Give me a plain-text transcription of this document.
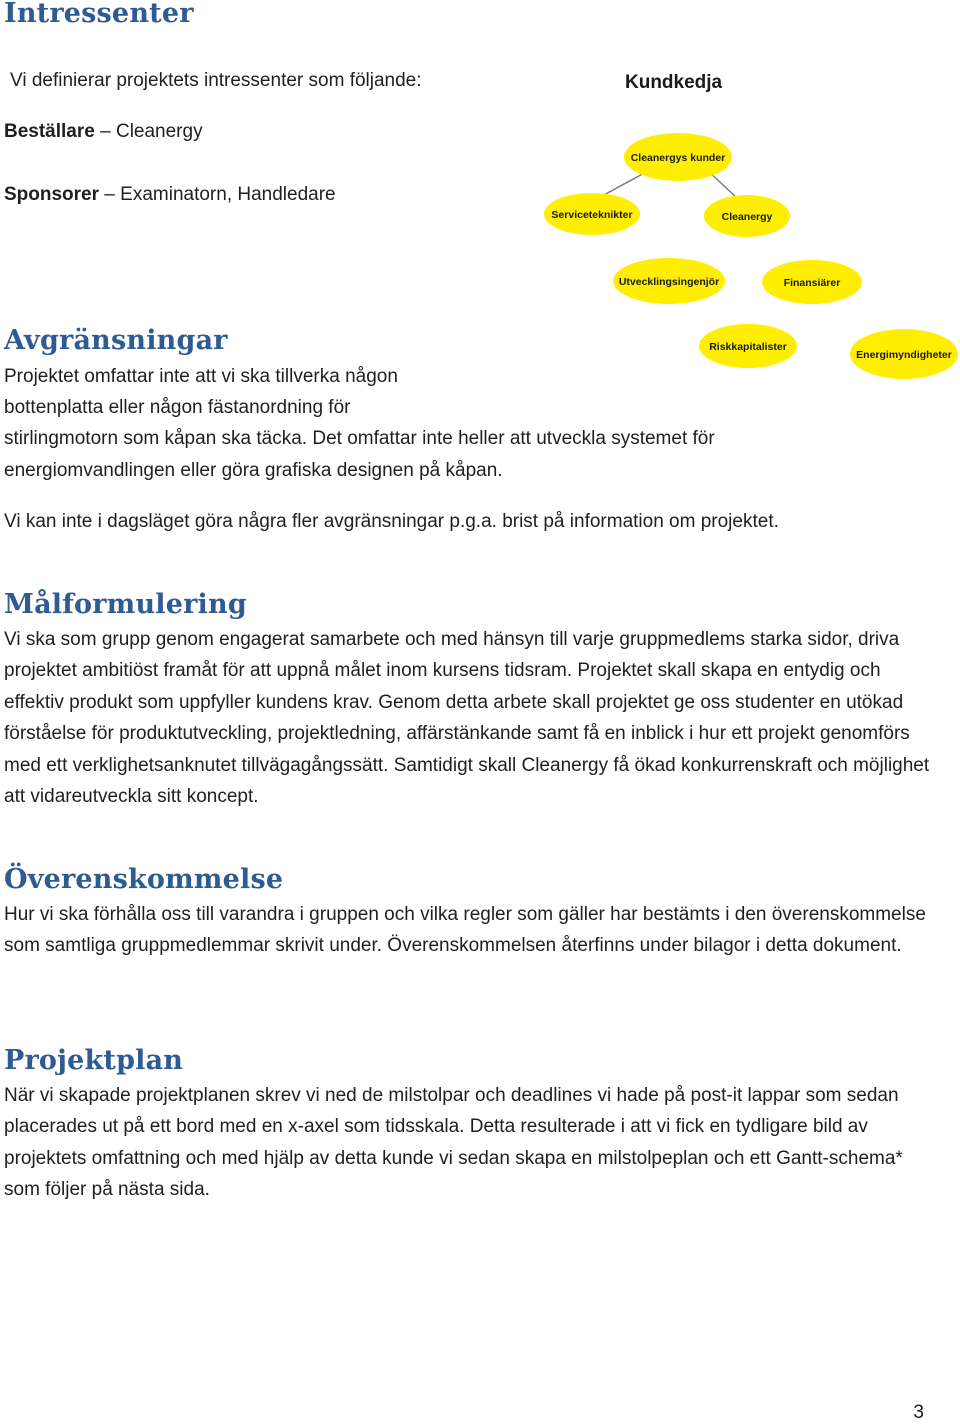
Intressenter
Vi definierar projektets intressenter som följande:
Beställare – Cleanergy
Sponsorer – Examinatorn, Handledare
Kundkedja
Cleanergys kunder
Serviceteknikter	Cleanergy
Utvecklingsingenjör	Finansiärer
Riskkapitalister
Energimyndigheter
Avgränsningar
Projektet omfattar inte att vi ska tillverka någon
bottenplatta eller någon fästanordning för
stirlingmotorn som kåpan ska täcka. Det omfattar inte heller att utveckla systemet för
energiomvandlingen eller göra grafiska designen på kåpan.
Vi kan inte i dagsläget göra några fler avgränsningar p.g.a. brist på information om projektet.
Målformulering

Vi ska som grupp genom engagerat samarbete och med hänsyn till varje gruppmedlems starka sidor, driva projektet ambitiöst framåt för att uppnå målet inom kursens tidsram. Projektet skall skapa en entydig och effektiv produkt som uppfyller kundens krav. Genom detta arbete skall projektet ge oss studenter en utökad förståelse för produktutveckling, projektledning, affärstänkande samt få en inblick i hur ett projekt genomförs med ett verklighetsanknutet tillvägagångssätt. Samtidigt skall Cleanergy få ökad konkurrenskraft och möjlighet att vidareutveckla sitt koncept.

Överenskommelse

Hur vi ska förhålla oss till varandra i gruppen och vilka regler som gäller har bestämts i den överenskommelse som samtliga gruppmedlemmar skrivit under. Överenskommelsen återfinns under bilagor i detta dokument.

Projektplan

När vi skapade projektplanen skrev vi ned de milstolpar och deadlines vi hade på post-it lappar som sedan placerades ut på ett bord med en x-axel som tidsskala. Detta resulterade i att vi fick en tydligare bild av projektets omfattning och med hjälp av detta kunde vi sedan skapa en milstolpeplan och ett Gantt-schema* som följer på nästa sida.

3
